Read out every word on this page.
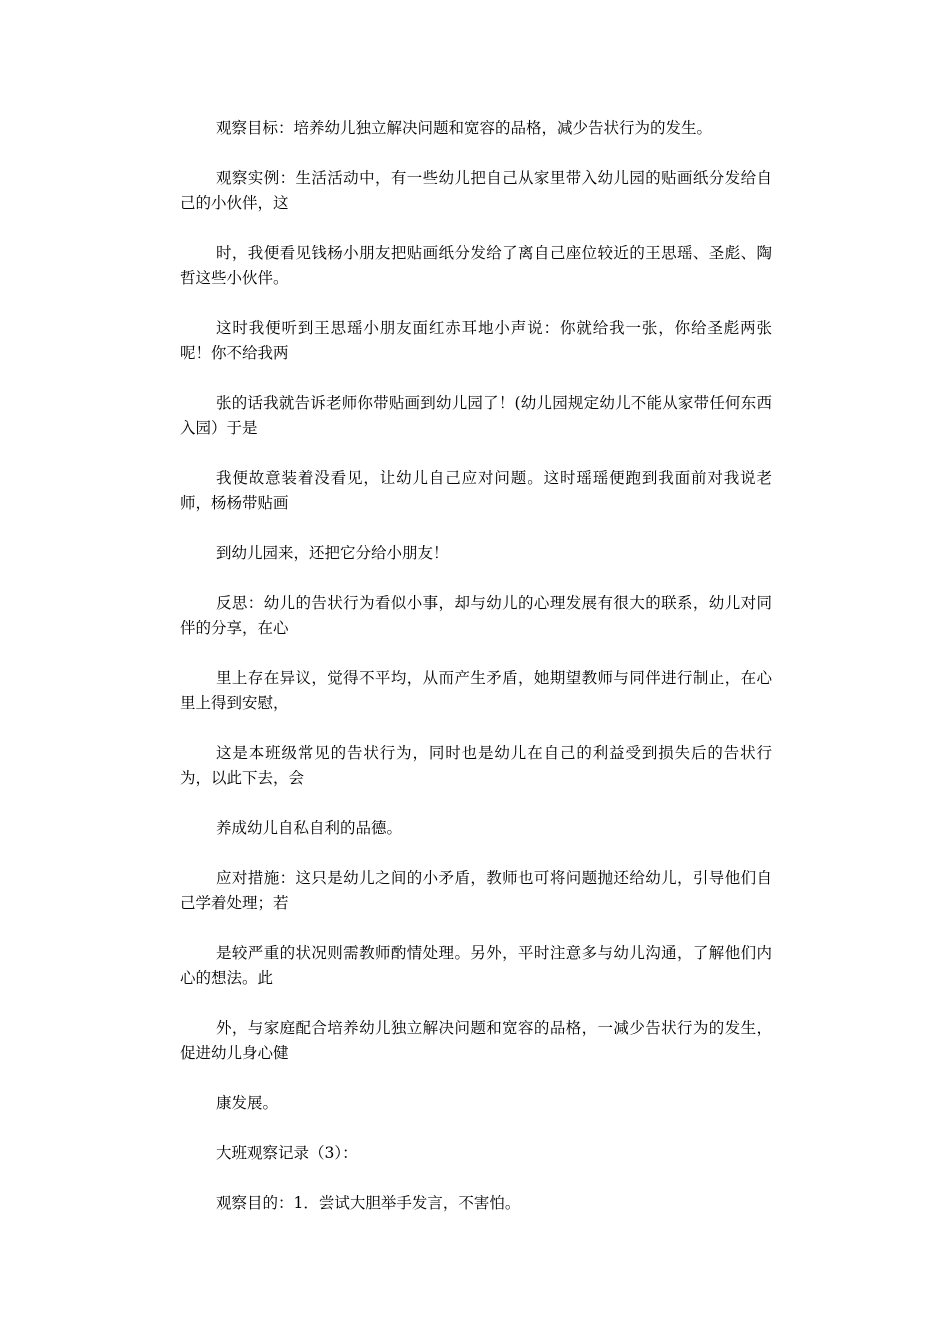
观察目标：培养幼儿独立解决问题和宽容的品格，减少告状行为的发生。

观察实例：生活活动中，有一些幼儿把自己从家里带入幼儿园的贴画纸分发给自己的小伙伴，这

时，我便看见钱杨小朋友把贴画纸分发给了离自己座位较近的王思瑶、圣彪、陶哲这些小伙伴。

这时我便听到王思瑶小朋友面红赤耳地小声说：你就给我一张，你给圣彪两张呢！你不给我两

张的话我就告诉老师你带贴画到幼儿园了！(幼儿园规定幼儿不能从家带任何东西入园）于是

我便故意装着没看见，让幼儿自己应对问题。这时瑶瑶便跑到我面前对我说老师，杨杨带贴画

到幼儿园来，还把它分给小朋友！

反思：幼儿的告状行为看似小事，却与幼儿的心理发展有很大的联系，幼儿对同伴的分享，在心

里上存在异议，觉得不平均，从而产生矛盾，她期望教师与同伴进行制止，在心里上得到安慰，

这是本班级常见的告状行为，同时也是幼儿在自己的利益受到损失后的告状行为，以此下去，会

养成幼儿自私自利的品德。

应对措施：这只是幼儿之间的小矛盾，教师也可将问题抛还给幼儿，引导他们自己学着处理；若

是较严重的状况则需教师酌情处理。另外，平时注意多与幼儿沟通，了解他们内心的想法。此

外，与家庭配合培养幼儿独立解决问题和宽容的品格，一减少告状行为的发生，促进幼儿身心健

康发展。

大班观察记录（3）：

观察目的：1．尝试大胆举手发言，不害怕。
